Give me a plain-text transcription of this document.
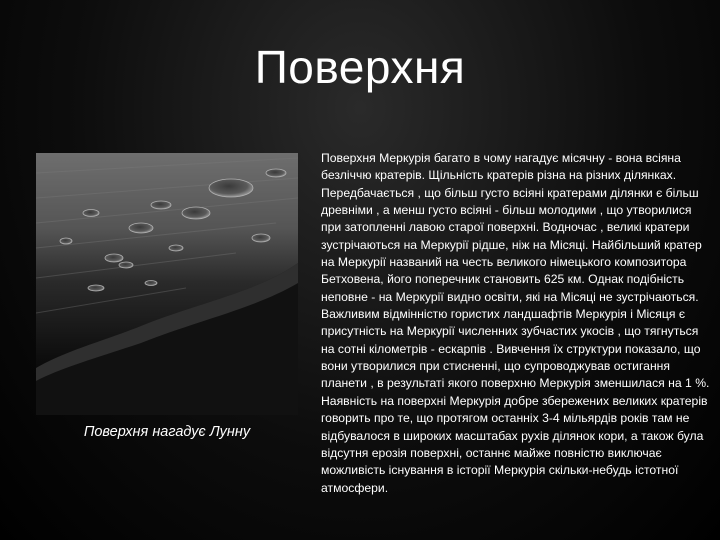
Поверхня
Поверхня нагадує Лунну
Поверхня Меркурія багато в чому нагадує місячну - вона всіяна безліччю кратерів. Щільність кратерів різна на різних ділянках. Передбачається , що більш густо всіяні кратерами ділянки є більш древніми , а менш густо всіяні - більш молодими , що утворилися при затопленні лавою старої поверхні. Водночас , великі кратери зустрічаються на Меркурії рідше, ніж на Місяці. Найбільший кратер на Меркурії названий на честь великого німецького композитора Бетховена, його поперечник становить 625 км. Однак подібність неповне - на Меркурії видно освіти, які на Місяці не зустрічаються. Важливим відмінністю гористих ландшафтів Меркурія і Місяця є присутність на Меркурії численних зубчастих укосів , що тягнуться на сотні кілометрів - ескарпів . Вивчення їх структури показало, що вони утворилися при стисненні, що супроводжував остигання планети , в результаті якого поверхню Меркурія зменшилася на 1 %. Наявність на поверхні Меркурія добре збережених великих кратерів говорить про те, що протягом останніх 3-4 мільярдів років там не відбувалося в широких масштабах рухів ділянок кори, а також була відсутня ерозія поверхні, останнє майже повністю виключає можливість існування в історії Меркурія скільки-небудь істотної атмосфери.
